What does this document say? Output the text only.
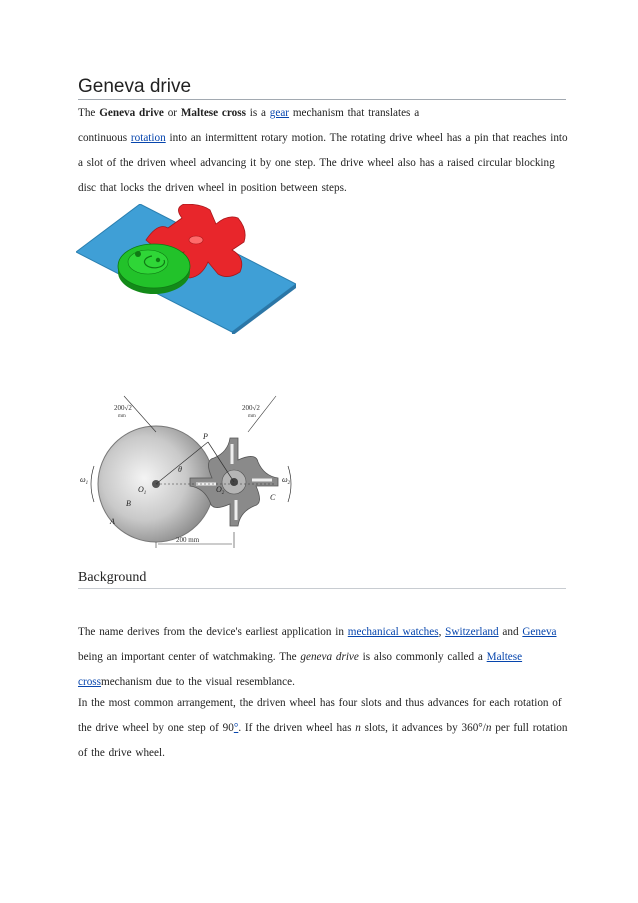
Geneva drive
The Geneva drive or Maltese cross is a gear mechanism that translates a
continuous rotation into an intermittent rotary motion. The rotating drive wheel has a pin that reaches into a slot of the driven wheel advancing it by one step. The drive wheel also has a raised circular blocking disc that locks the driven wheel in position between steps.
200√2
mm
200√2
mm
200 mm
P
θ
$O_1$	$O_2$
B
A
C
$\omega_1$	$\omega_2$
Background
The name derives from the device's earliest application in mechanical watches, Switzerland and Geneva being an important center of watchmaking. The geneva drive is also commonly called a Maltese crossmechanism due to the visual resemblance.
In the most common arrangement, the driven wheel has four slots and thus advances for each rotation of the drive wheel by one step of 90°. If the driven wheel has n slots, it advances by 360°/n per full rotation of the drive wheel.
